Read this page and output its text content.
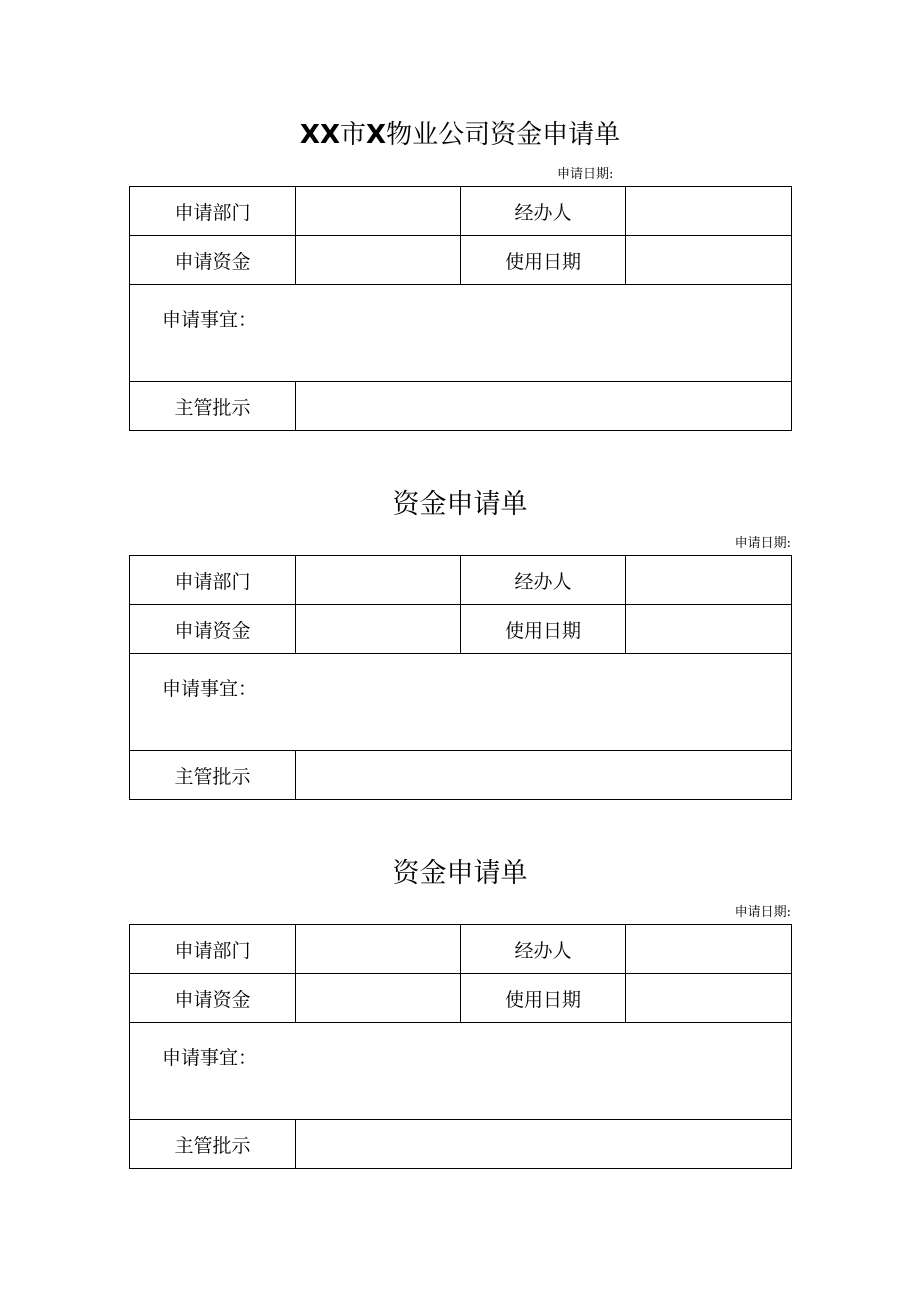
XX市X物业公司资金申请单
申请日期:
申请部门		经办人	
申请资金		使用日期	

申请事宜：			

主管批示			
资金申请单
申请日期:
申请部门		经办人	
申请资金		使用日期	

申请事宜：			

主管批示			
资金申请单
申请日期:
申请部门		经办人	
申请资金		使用日期	

申请事宜：			

主管批示			
